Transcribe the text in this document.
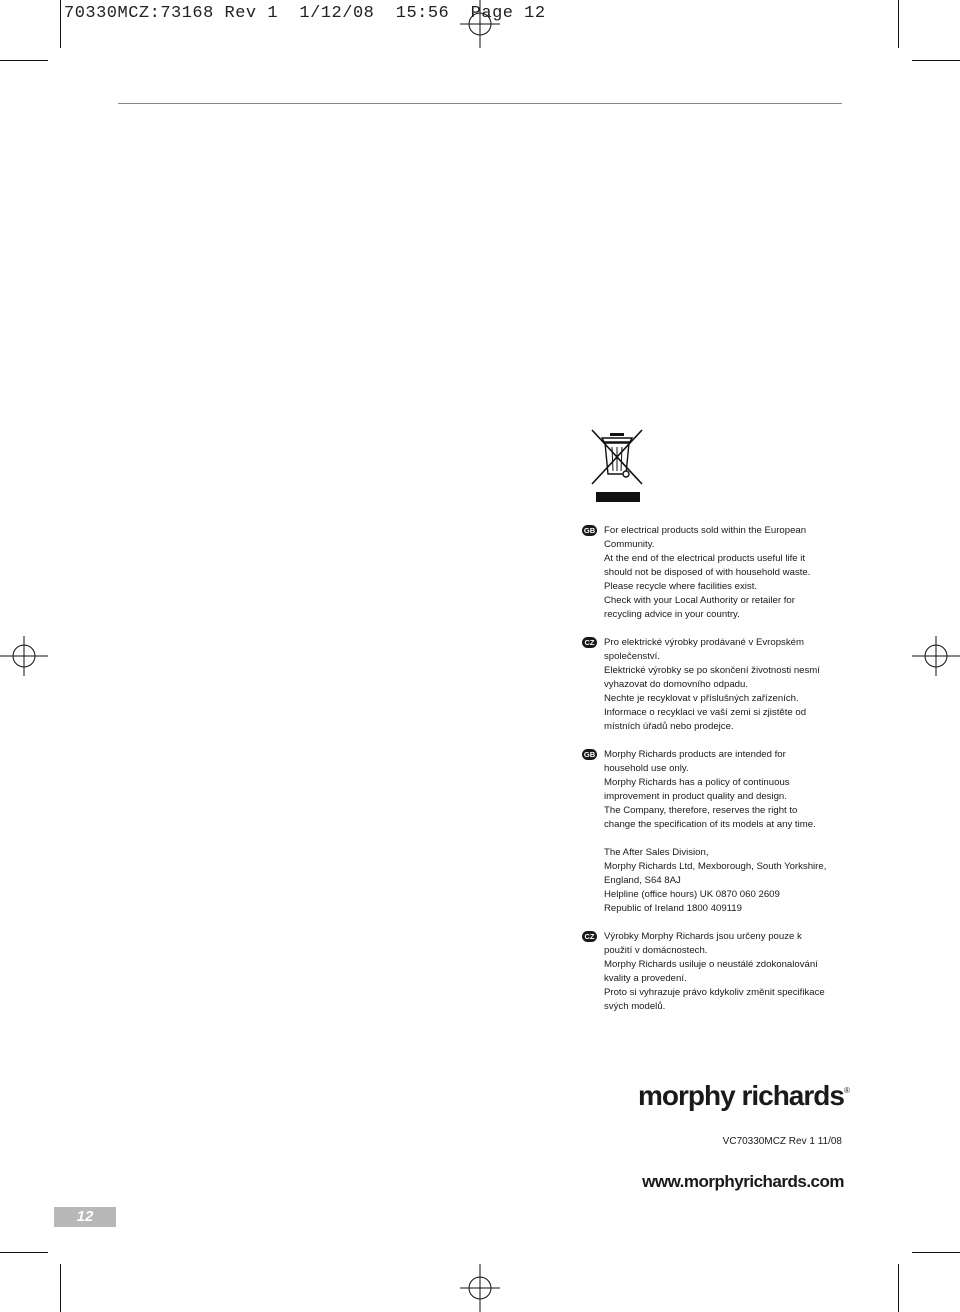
70330MCZ:73168 Rev 1  1/12/08  15:56  Page 12
GB For electrical products sold within the European
Community.
At the end of the electrical products useful life it
should not be disposed of with household waste.
Please recycle where facilities exist.
Check with your Local Authority or retailer for
recycling advice in your country.
CZ Pro elektrické výrobky prodávané v Evropském
společenství.
Elektrické výrobky se po skončení životnosti nesmí
vyhazovat do domovního odpadu.
Nechte je recyklovat v příslušných zařízeních.
Informace o recyklaci ve vaší zemi si zjistěte od
místních úřadů nebo prodejce.
GB Morphy Richards products are intended for
household use only.
Morphy Richards has a policy of continuous
improvement in product quality and design.
The Company, therefore, reserves the right to
change the specification of its models at any time.
The After Sales Division,
Morphy Richards Ltd, Mexborough, South Yorkshire,
England, S64 8AJ
Helpline (office hours) UK 0870 060 2609
Republic of Ireland 1800 409119
CZ Výrobky Morphy Richards jsou určeny pouze k
použití v domácnostech.
Morphy Richards usiluje o neustálé zdokonalování
kvality a provedení.
Proto si vyhrazuje právo kdykoliv změnit specifikace
svých modelů.
morphy richards®
VC70330MCZ Rev 1 11/08
www.morphyrichards.com
12
